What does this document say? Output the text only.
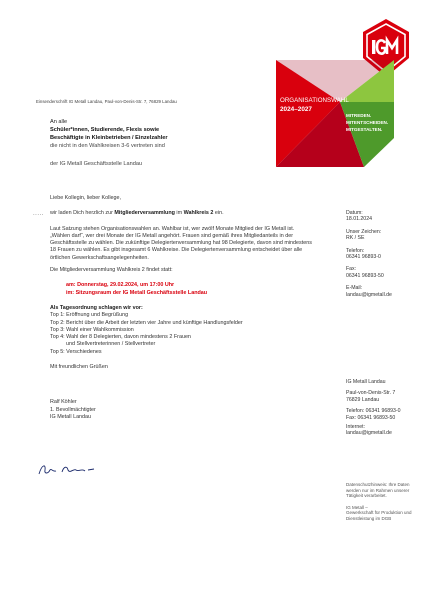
ORGANISATIONSWAHL
2024–2027
MITREDEN.
MITENTSCHEIDEN.
MITGESTALTEN.
Einsenderschrift IG Metall Landau, Paul-von-Denis-Str. 7, 76829 Landau
An alle
Schüler*innen, Studierende, Flexis sowie
Beschäftigte in Kleinbetrieben / Einzelzahler
die nicht in den Wahlkreisen 3-6 vertreten sind
der IG Metall Geschäftsstelle Landau
.....

Liebe Kollegin, lieber Kollege,

wir laden Dich herzlich zur Mitgliederversammlung im Wahlkreis 2 ein.

Laut Satzung stehen Organisationswahlen an. Wahlbar ist, wer zwölf Monate Mitglied der IG Metall ist. „Wählen darf“, wer drei Monate der IG Metall angehört. Frauen sind gemäß ihres Mitgliedanteils in der Geschäftsstelle zu wählen. Die zukünftige Delegiertenversammlung hat 98 Delegierte, davon sind mindestens 18 Frauen zu wählen. Es gibt insgesamt 6 Wahlkreise. Die Delegiertenversammlung entscheidet über alle örtlichen Gewerkschaftsangelegenheiten.

Die Mitgliederversammlung Wahlkreis 2 findet statt:

am: Donnerstag, 29.02.2024, um 17:00 Uhr

im: Sitzungsraum der IG Metall Geschäftsstelle Landau

Als Tagesordnung schlagen wir vor:

Top 1: Eröffnung und Begrüßung

Top 2: Bericht über die Arbeit der letzten vier Jahre und künftige Handlungsfelder

Top 3: Wahl einer Wahlkommission

Top 4: Wahl der 8 Delegierten, davon mindestens 2 Frauen

und Stellvertreterinnen / Stellvertreter

Top 5: Verschiedenes

Mit freundlichen Grüßen

Ralf Köhler

1. Bevollmächtigter

IG Metall Landau

Datum:
18.01.2024
Unser Zeichen:
RK / SE
Telefon:
06341 96893-0
Fax:
06341 96893-50
E-Mail:
landau@igmetall.de
IG Metall Landau
Paul-von-Denis-Str. 7
76829 Landau
Telefon: 06341 96893-0
Fax: 06341 96893-50
Internet:
landau@igmetall.de
Datenschutzhinweis: Ihre Daten werden nur im Rahmen unserer Tätigkeit verarbeitet.
IG Metall –
Gewerkschaft für Produktion und Dienstleistung im DGB
